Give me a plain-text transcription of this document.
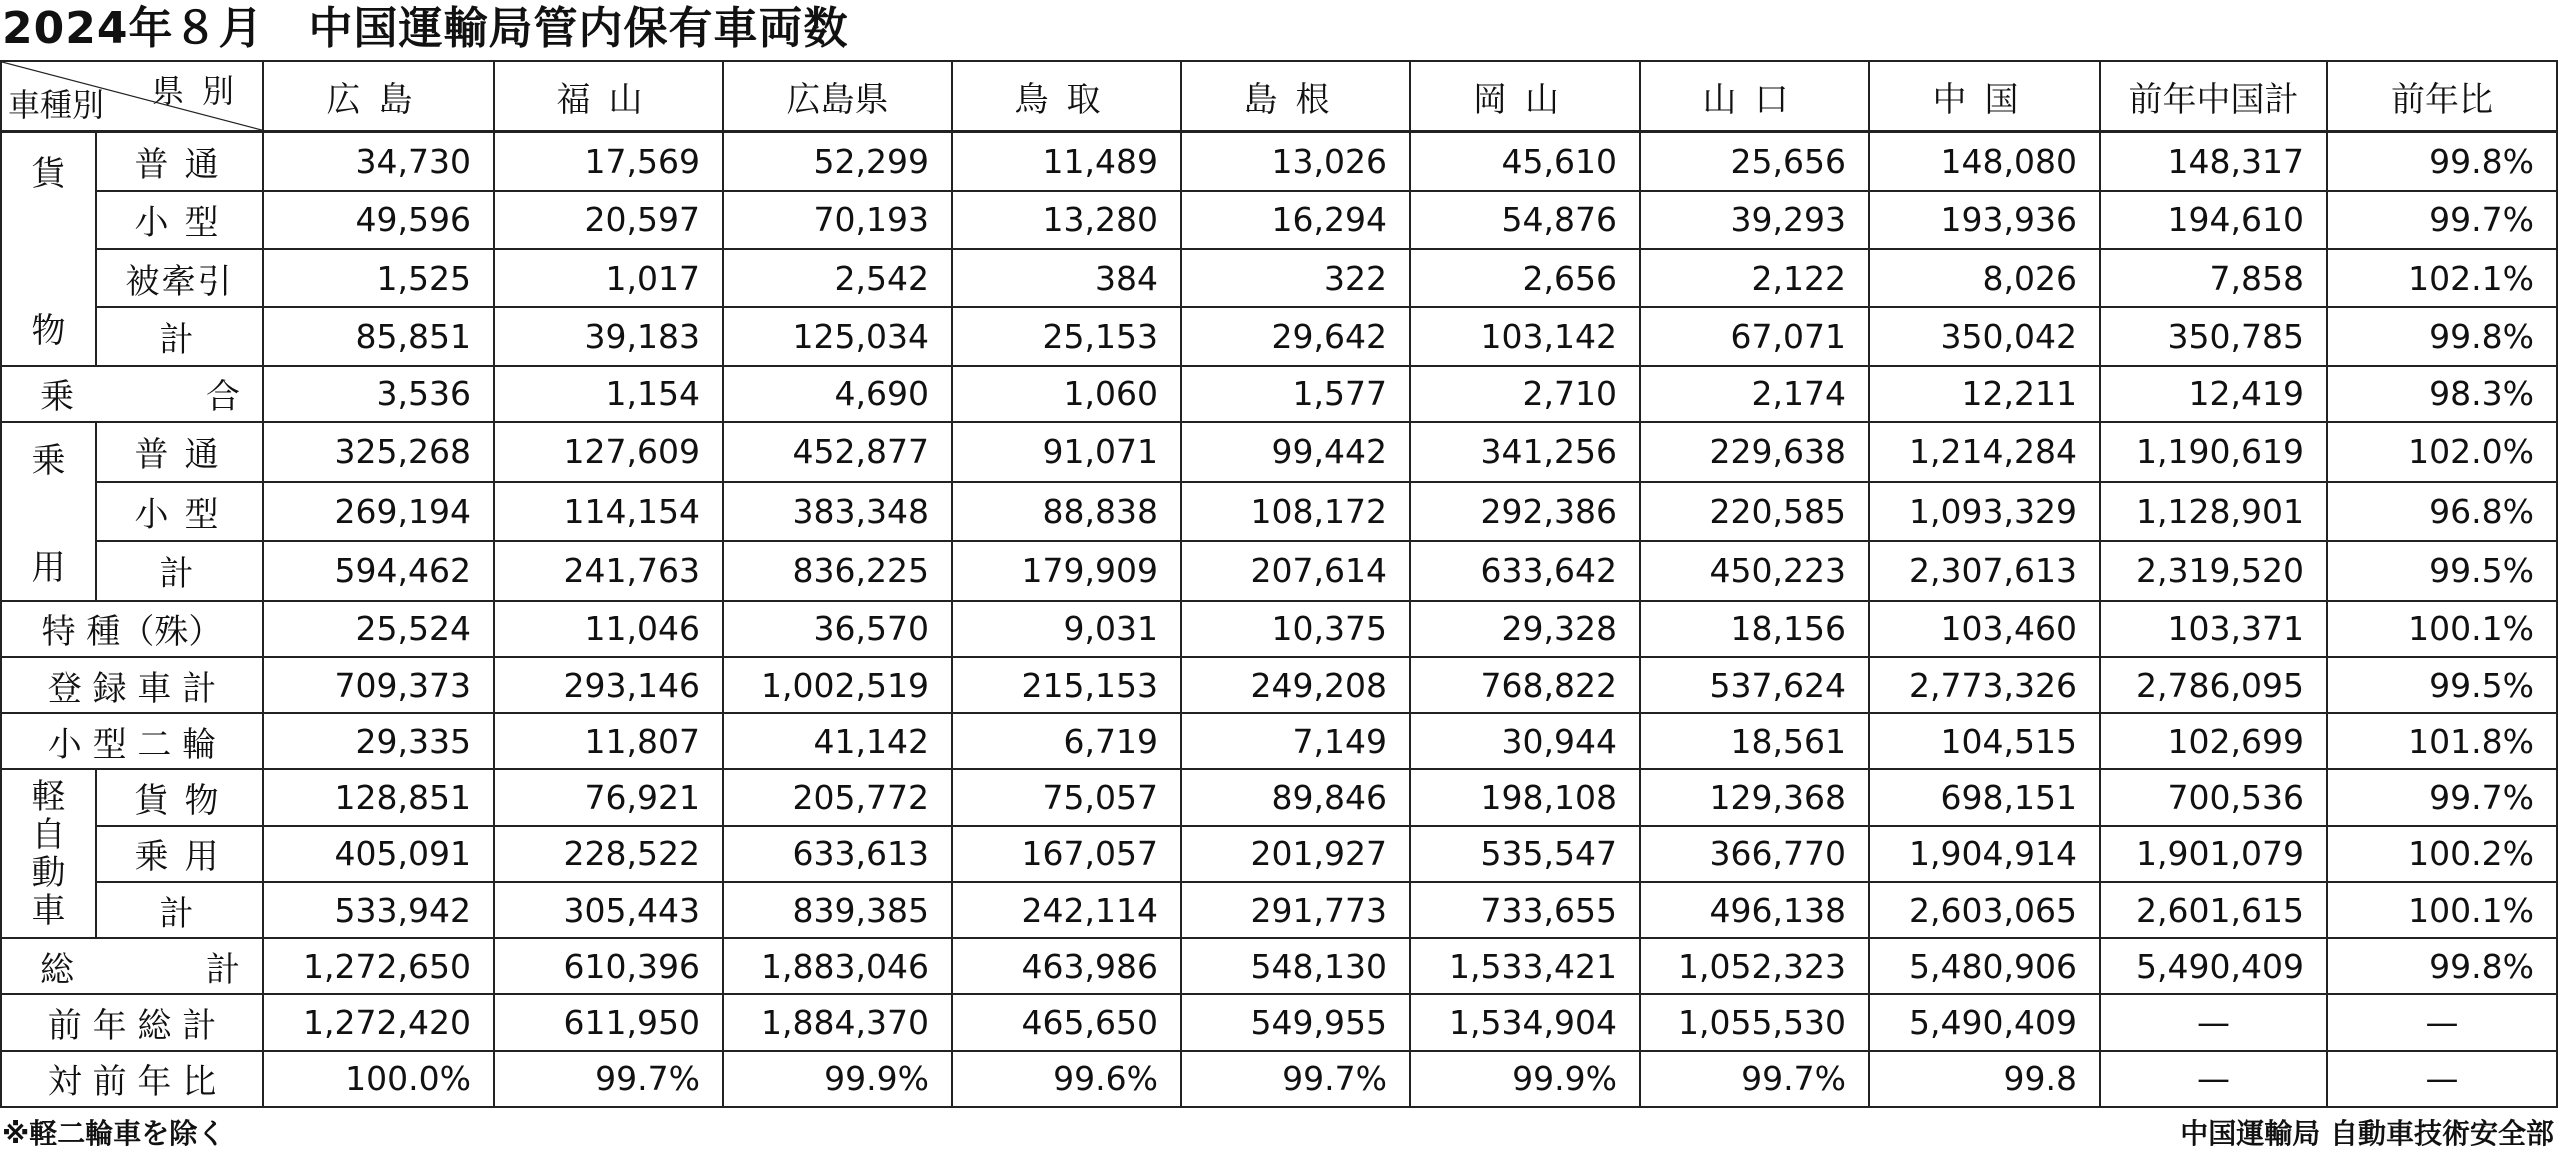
2024年８月　中国運輸局管内保有車両数
県別
車種別		広島	福山	広島県	鳥取	島根	岡山	山口	中国	前年中国計	前年比

貨
物	普通	34,730	17,569	52,299	11,489	13,026	45,610	25,656	148,080	148,317	99.8%
	小型	49,596	20,597	70,193	13,280	16,294	54,876	39,293	193,936	194,610	99.7%
	被牽引	1,525	1,017	2,542	384	322	2,656	2,122	8,026	7,858	102.1%
	計	85,851	39,183	125,034	25,153	29,642	103,142	67,071	350,042	350,785	99.8%

乗 合		3,536	1,154	4,690	1,060	1,577	2,710	2,174	12,211	12,419	98.3%

乗
用	普通	325,268	127,609	452,877	91,071	99,442	341,256	229,638	1,214,284	1,190,619	102.0%
	小型	269,194	114,154	383,348	88,838	108,172	292,386	220,585	1,093,329	1,128,901	96.8%
	計	594,462	241,763	836,225	179,909	207,614	633,642	450,223	2,307,613	2,319,520	99.5%
特 種（殊）		25,524	11,046	36,570	9,031	10,375	29,328	18,156	103,460	103,371	100.1%
登 録 車 計		709,373	293,146	1,002,519	215,153	249,208	768,822	537,624	2,773,326	2,786,095	99.5%
小 型 二 輪		29,335	11,807	41,142	6,719	7,149	30,944	18,561	104,515	102,699	101.8%

軽
自
動
車	貨物	128,851	76,921	205,772	75,057	89,846	198,108	129,368	698,151	700,536	99.7%
	乗用	405,091	228,522	633,613	167,057	201,927	535,547	366,770	1,904,914	1,901,079	100.2%
	計	533,942	305,443	839,385	242,114	291,773	733,655	496,138	2,603,065	2,601,615	100.1%

総 計		1,272,650	610,396	1,883,046	463,986	548,130	1,533,421	1,052,323	5,480,906	5,490,409	99.8%
前 年 総 計		1,272,420	611,950	1,884,370	465,650	549,955	1,534,904	1,055,530	5,490,409	—	—
対 前 年 比		100.0%	99.7%	99.9%	99.6%	99.7%	99.9%	99.7%	99.8	—	—
※軽二輪車を除く	中国運輸局 自動車技術安全部
